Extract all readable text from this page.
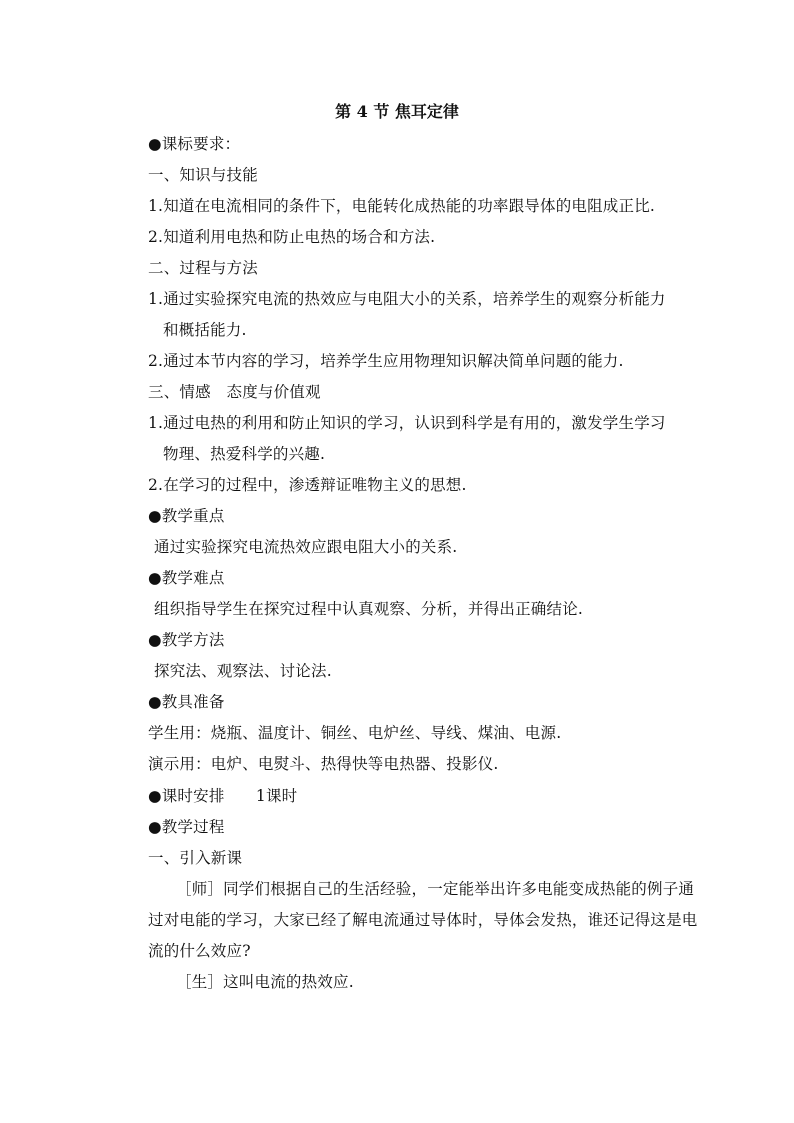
第 4 节 焦耳定律
●课标要求：
一、知识与技能
1.知道在电流相同的条件下，电能转化成热能的功率跟导体的电阻成正比.
2.知道利用电热和防止电热的场合和方法.
二、过程与方法
1.通过实验探究电流的热效应与电阻大小的关系，培养学生的观察分析能力
和概括能力.
2.通过本节内容的学习，培养学生应用物理知识解决简单问题的能力.
三、情感　态度与价值观
1.通过电热的利用和防止知识的学习，认识到科学是有用的，激发学生学习
物理、热爱科学的兴趣.
2.在学习的过程中，渗透辩证唯物主义的思想.
●教学重点
通过实验探究电流热效应跟电阻大小的关系.
●教学难点
组织指导学生在探究过程中认真观察、分析，并得出正确结论.
●教学方法
探究法、观察法、讨论法.
●教具准备
学生用：烧瓶、温度计、铜丝、电炉丝、导线、煤油、电源.
演示用：电炉、电熨斗、热得快等电热器、投影仪.
●课时安排　　1课时
●教学过程
一、引入新课
［师］同学们根据自己的生活经验，一定能举出许多电能变成热能的例子通
过对电能的学习，大家已经了解电流通过导体时，导体会发热，谁还记得这是电
流的什么效应?
［生］这叫电流的热效应.
